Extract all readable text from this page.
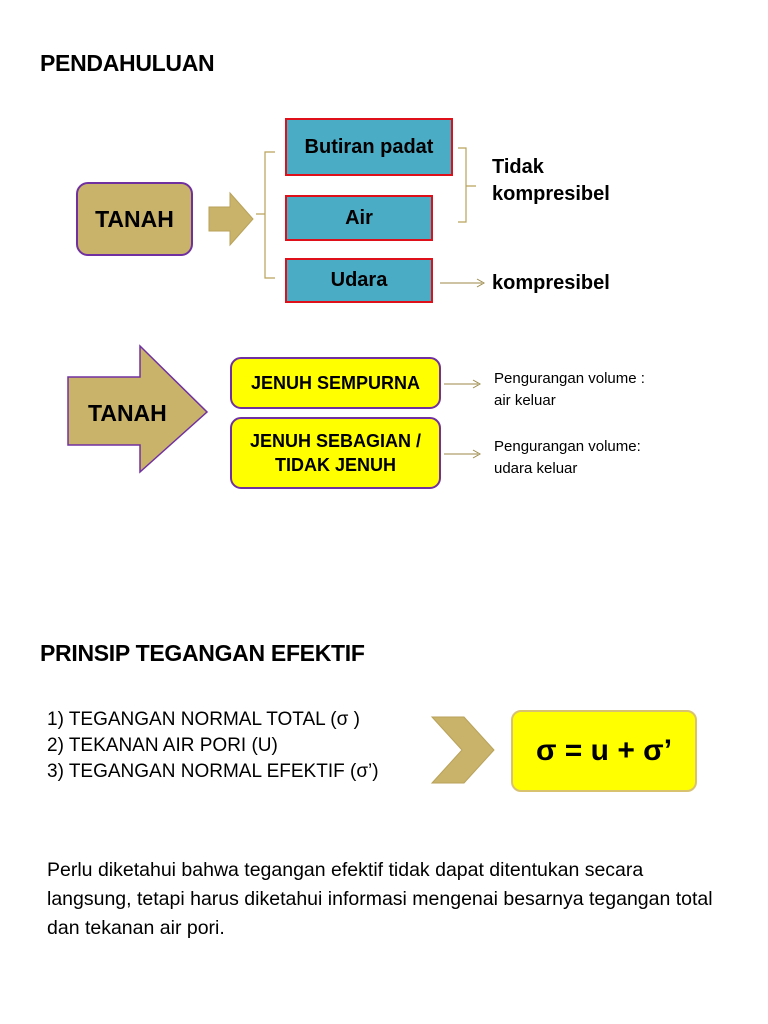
PENDAHULUAN
TANAH
Butiran padat
Air
Udara
Tidak kompresibel
kompresibel
TANAH
JENUH SEMPURNA
JENUH SEBAGIAN /
TIDAK JENUH
Pengurangan volume :
air keluar
Pengurangan volume:
udara keluar
PRINSIP TEGANGAN EFEKTIF
1) TEGANGAN NORMAL TOTAL (σ )
2) TEKANAN AIR PORI (U)
3) TEGANGAN NORMAL EFEKTIF (σ’)
σ = u + σ’
Perlu diketahui bahwa tegangan efektif tidak dapat ditentukan secara langsung, tetapi harus diketahui informasi mengenai besarnya tegangan total dan tekanan air pori.
